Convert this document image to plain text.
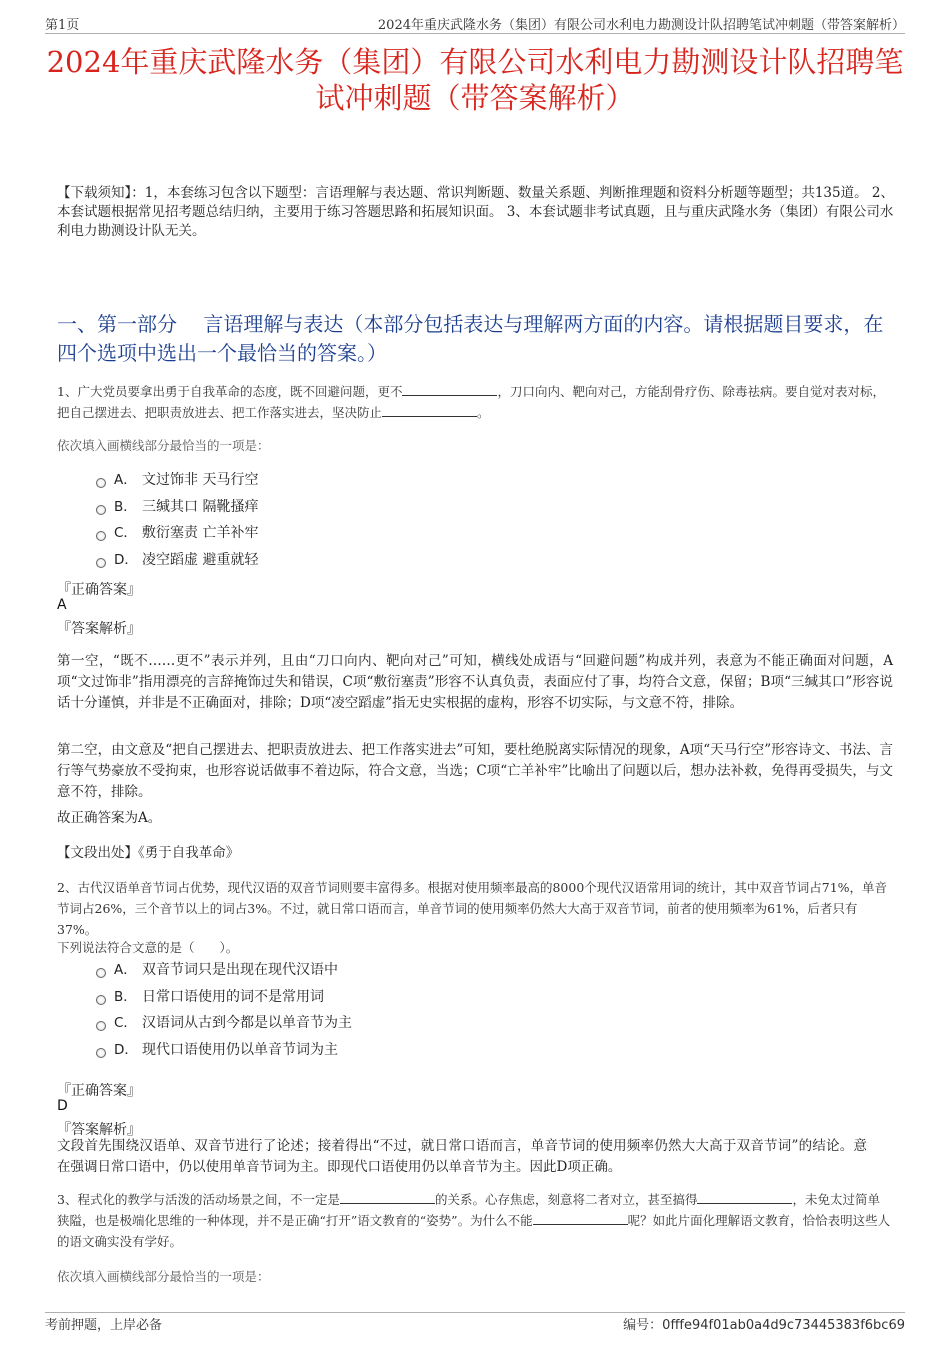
第1页	2024年重庆武隆水务（集团）有限公司水利电力勘测设计队招聘笔试冲刺题（带答案解析）
2024年重庆武隆水务（集团）有限公司水利电力勘测设计队招聘笔试冲刺题（带答案解析）
【下载须知】：1，本套练习包含以下题型：言语理解与表达题、常识判断题、数量关系题、判断推理题和资料分析题等题型；共135道。 2、本套试题根据常见招考题总结归纳，主要用于练习答题思路和拓展知识面。 3、本套试题非考试真题，且与重庆武隆水务（集团）有限公司水利电力勘测设计队无关。
一、第一部分　 言语理解与表达（本部分包括表达与理解两方面的内容。请根据题目要求，在四个选项中选出一个最恰当的答案。）
1、广大党员要拿出勇于自我革命的态度，既不回避问题，更不	，刀口向内、靶向对己，方能刮骨疗伤、除毒祛病。要自觉对表对标，把自己摆进去、把职责放进去、把工作落实进去，坚决防止	。
依次填入画横线部分最恰当的一项是：
A． 文过饰非 天马行空
B． 三缄其口 隔靴搔痒
C． 敷衍塞责 亡羊补牢
D． 凌空蹈虚 避重就轻
『正确答案』
A
『答案解析』
第一空，“既不……更不”表示并列，且由“刀口向内、靶向对己”可知，横线处成语与“回避问题”构成并列，表意为不能正确面对问题，A项“文过饰非”指用漂亮的言辞掩饰过失和错误，C项“敷衍塞责”形容不认真负责，表面应付了事，均符合文意，保留；B项“三缄其口”形容说话十分谨慎，并非是不正确面对，排除；D项“凌空蹈虚”指无史实根据的虚构，形容不切实际，与文意不符，排除。
第二空，由文意及“把自己摆进去、把职责放进去、把工作落实进去”可知，要杜绝脱离实际情况的现象，A项“天马行空”形容诗文、书法、言行等气势豪放不受拘束，也形容说话做事不着边际，符合文意，当选；C项“亡羊补牢”比喻出了问题以后，想办法补救，免得再受损失，与文意不符，排除。
故正确答案为A。
【文段出处】《勇于自我革命》
2、古代汉语单音节词占优势，现代汉语的双音节词则要丰富得多。根据对使用频率最高的8000个现代汉语常用词的统计，其中双音节词占71%，单音节词占26%，三个音节以上的词占3%。不过，就日常口语而言，单音节词的使用频率仍然大大高于双音节词，前者的使用频率为61%，后者只有37%。
下列说法符合文意的是（　　）。
A． 双音节词只是出现在现代汉语中
B． 日常口语使用的词不是常用词
C． 汉语词从古到今都是以单音节为主
D． 现代口语使用仍以单音节词为主
『正确答案』
D
『答案解析』
文段首先围绕汉语单、双音节进行了论述；接着得出“不过，就日常口语而言，单音节词的使用频率仍然大大高于双音节词”的结论。意在强调日常口语中，仍以使用单音节词为主。即现代口语使用仍以单音节为主。因此D项正确。
3、程式化的教学与活泼的活动场景之间，不一定是	的关系。心存焦虑，刻意将二者对立，甚至搞得	，未免太过简单狭隘，也是极端化思维的一种体现，并不是正确“打开”语文教育的“姿势”。为什么不能	呢？如此片面化理解语文教育，恰恰表明这些人的语文确实没有学好。
依次填入画横线部分最恰当的一项是：
考前押题，上岸必备	编号：0fffe94f01ab0a4d9c73445383f6bc69
